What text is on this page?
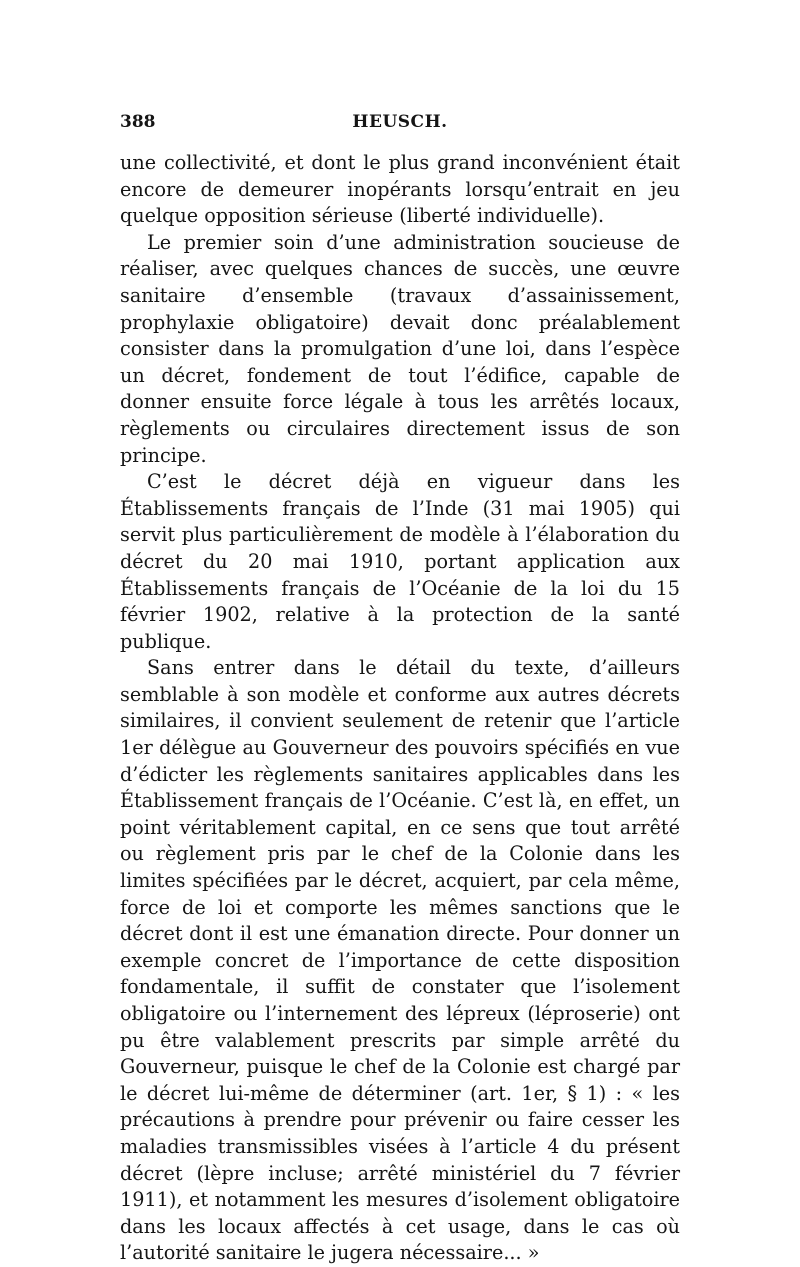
388	HEUSCH.

une collectivité, et dont le plus grand inconvénient était encore de demeurer inopérants lorsqu’entrait en jeu quelque opposition sérieuse (liberté individuelle).

Le premier soin d’une administration soucieuse de réaliser, avec quelques chances de succès, une œuvre sanitaire d’ensemble (travaux d’assainissement, prophylaxie obligatoire) devait donc préalablement consister dans la promulgation d’une loi, dans l’espèce un décret, fondement de tout l’édifice, capable de donner ensuite force légale à tous les arrêtés locaux, règlements ou circulaires directement issus de son principe.

C’est le décret déjà en vigueur dans les Établissements français de l’Inde (31 mai 1905) qui servit plus particulièrement de modèle à l’élaboration du décret du 20 mai 1910, portant application aux Établissements français de l’Océanie de la loi du 15 février 1902, relative à la protection de la santé publique.

Sans entrer dans le détail du texte, d’ailleurs semblable à son modèle et conforme aux autres décrets similaires, il convient seulement de retenir que l’article 1er délègue au Gouverneur des pouvoirs spécifiés en vue d’édicter les règlements sanitaires applicables dans les Établissement français de l’Océanie. C’est là, en effet, un point véritablement capital, en ce sens que tout arrêté ou règlement pris par le chef de la Colonie dans les limites spécifiées par le décret, acquiert, par cela même, force de loi et comporte les mêmes sanctions que le décret dont il est une émanation directe. Pour donner un exemple concret de l’importance de cette disposition fondamentale, il suffit de constater que l’isolement obligatoire ou l’internement des lépreux (léproserie) ont pu être valablement prescrits par simple arrêté du Gouverneur, puisque le chef de la Colonie est chargé par le décret lui-même de déterminer (art. 1er, § 1) : « les précautions à prendre pour prévenir ou faire cesser les maladies transmissibles visées à l’article 4 du présent décret (lèpre incluse; arrêté ministériel du 7 février 1911), et notamment les mesures d’isolement obligatoire dans les locaux affectés à cet usage, dans le cas où l’autorité sanitaire le jugera nécessaire... »
